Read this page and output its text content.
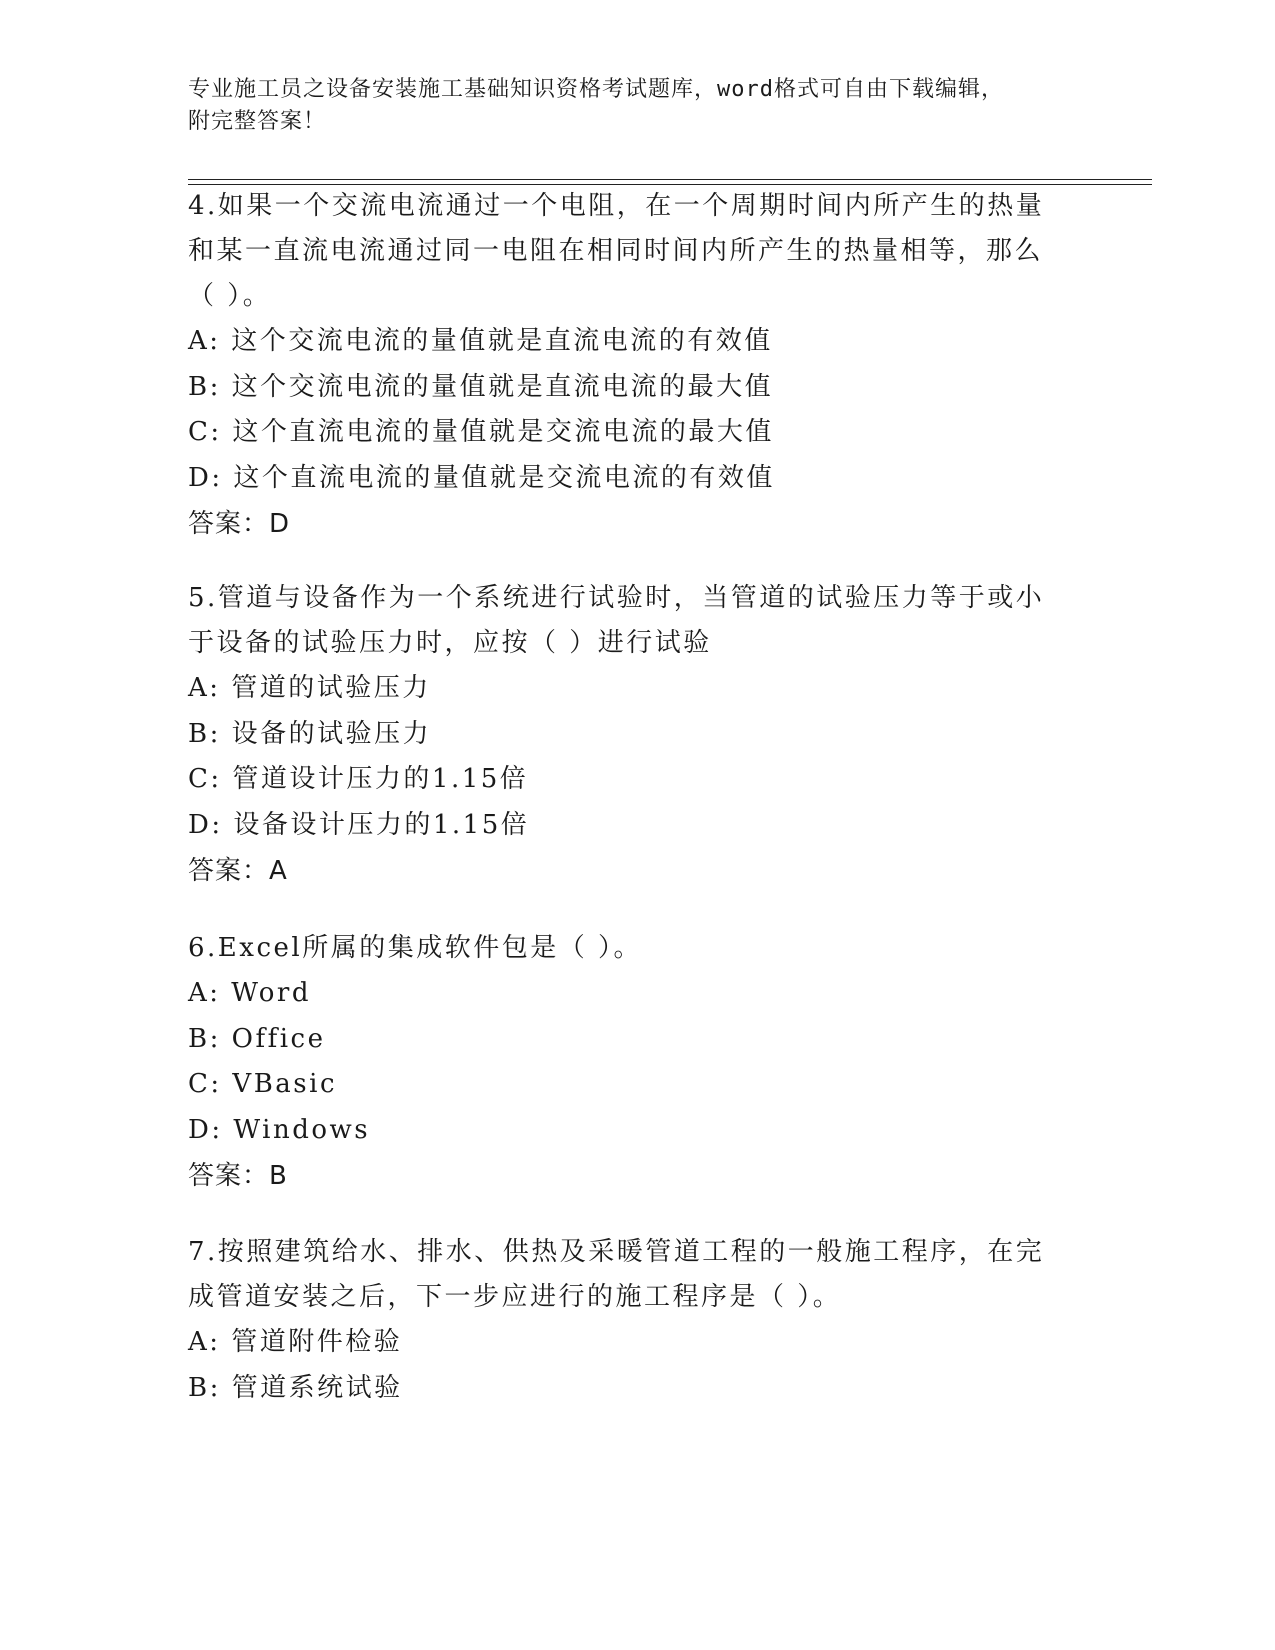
专业施工员之设备安装施工基础知识资格考试题库，word格式可自由下载编辑，
附完整答案！

4.如果一个交流电流通过一个电阻，在一个周期时间内所产生的热量

和某一直流电流通过同一电阻在相同时间内所产生的热量相等，那么

（ ）。

A: 这个交流电流的量值就是直流电流的有效值

B: 这个交流电流的量值就是直流电流的最大值

C: 这个直流电流的量值就是交流电流的最大值

D: 这个直流电流的量值就是交流电流的有效值

答案：D

5.管道与设备作为一个系统进行试验时，当管道的试验压力等于或小

于设备的试验压力时，应按（ ）进行试验

A: 管道的试验压力

B: 设备的试验压力

C: 管道设计压力的1.15倍

D: 设备设计压力的1.15倍

答案：A

6.Excel所属的集成软件包是（ ）。

A: Word

B: Office

C: VBasic

D: Windows

答案：B

7.按照建筑给水、排水、供热及采暖管道工程的一般施工程序，在完

成管道安装之后，下一步应进行的施工程序是（ ）。

A: 管道附件检验

B: 管道系统试验
